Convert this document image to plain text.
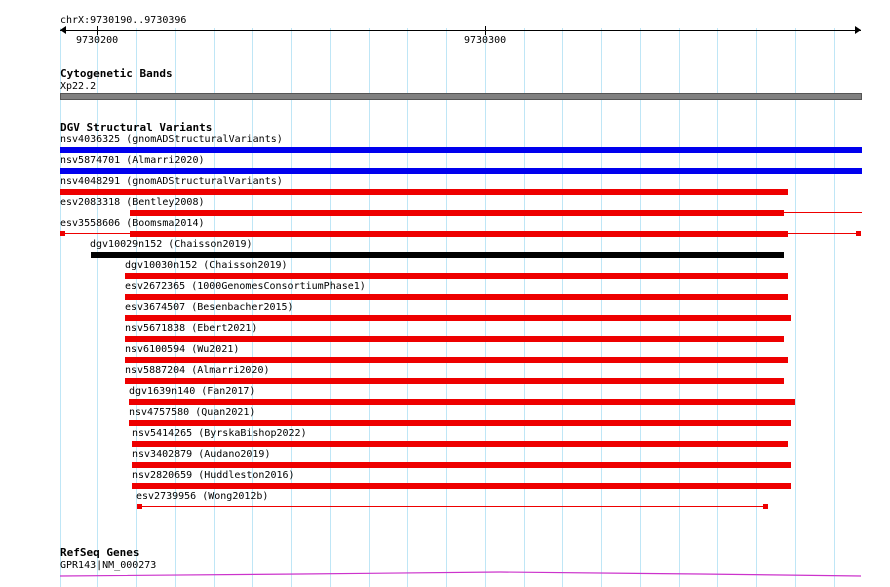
chrX:9730190..9730396
9730200	9730300
Cytogenetic Bands
Xp22.2
DGV Structural Variants
nsv4036325 (gnomADStructuralVariants)
nsv5874701 (Almarri2020)
nsv4048291 (gnomADStructuralVariants)
esv2083318 (Bentley2008)
esv3558606 (Boomsma2014)
dgv10029n152 (Chaisson2019)
dgv10030n152 (Chaisson2019)
esv2672365 (1000GenomesConsortiumPhase1)
esv3674507 (Besenbacher2015)
nsv5671838 (Ebert2021)
nsv6100594 (Wu2021)
nsv5887204 (Almarri2020)
dgv1639n140 (Fan2017)
nsv4757580 (Quan2021)
nsv5414265 (ByrskaBishop2022)
nsv3402879 (Audano2019)
nsv2820659 (Huddleston2016)
esv2739956 (Wong2012b)
RefSeq Genes
GPR143|NM_000273
